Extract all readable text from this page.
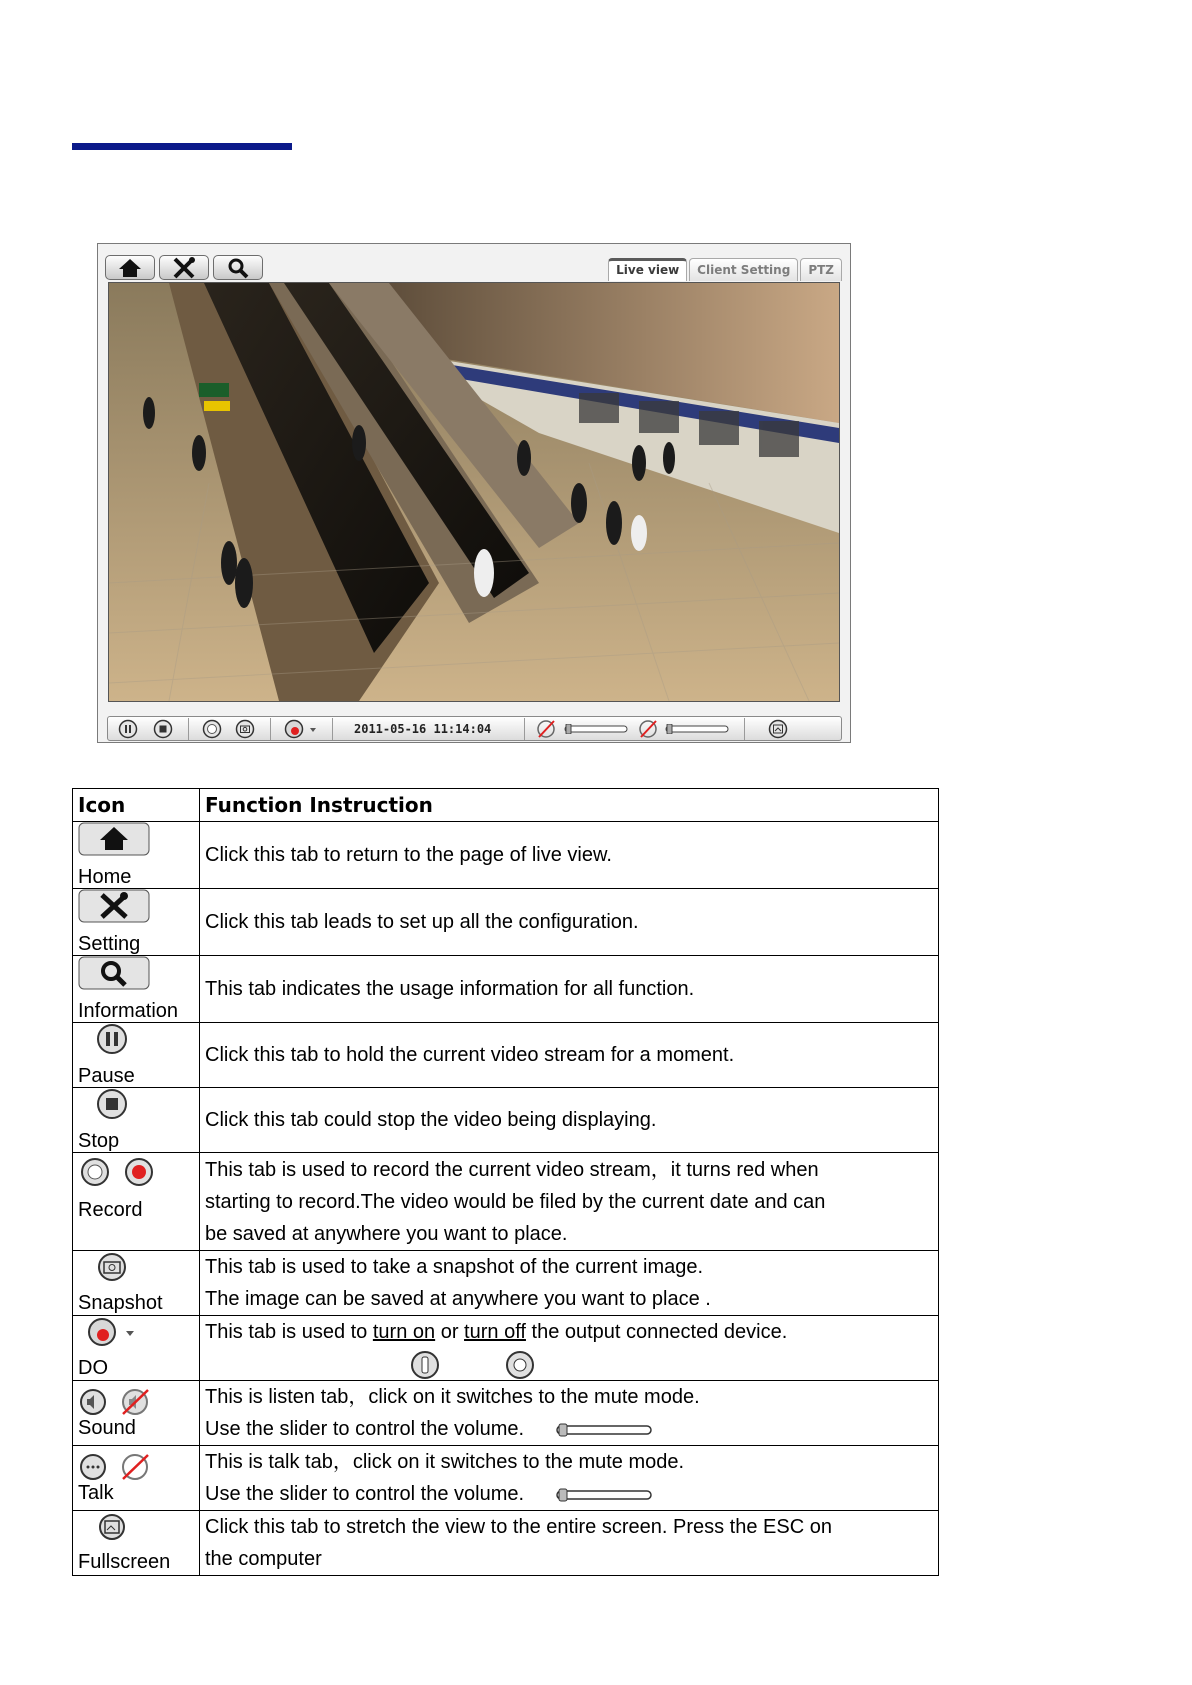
Live view	Client Setting	PTZ
2011-05-16 11:14:04
Icon	Function Instruction

Home	Click this tab to return to the page of live view.

Setting	Click this tab leads to set up all the configuration.

Information	This tab indicates the usage information for all function.

Pause	Click this tab to hold the current video stream for a moment.

Stop	Click this tab could stop the video being displaying.

Record	This tab is used to record the current video stream，it turns red when
starting to record.The video would be filed by the current date and can
be saved at anywhere you want to place.

Snapshot	This tab is used to take a snapshot of the current image.
The image can be saved at anywhere you want to place .

DO	This tab is used to turn on or turn off the output connected device.

Sound	This is listen tab，click on it switches to the mute mode.
Use the slider to control the volume.

Talk	This is talk tab，click on it switches to the mute mode.
Use the slider to control the volume.

Fullscreen	Click this tab to stretch the view to the entire screen. Press the ESC on
the computer
